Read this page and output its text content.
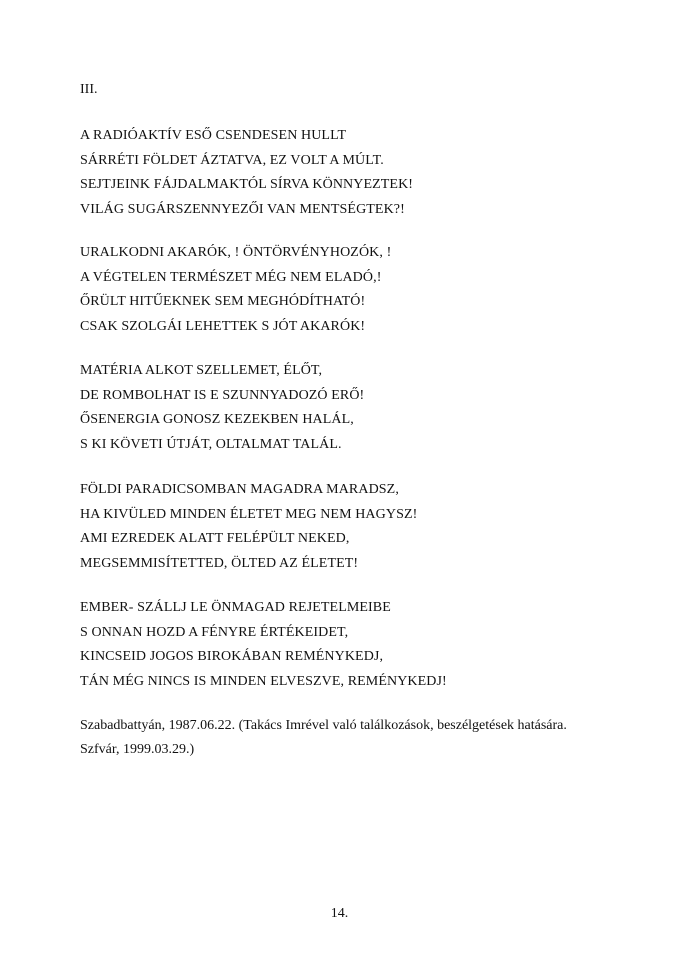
III.
A RADIÓAKTÍV ESŐ CSENDESEN HULLT
SÁRRÉTI FÖLDET ÁZTATVA, EZ VOLT A MÚLT.
SEJTJEINK FÁJDALMAKTÓL SÍRVA KÖNNYEZTEK!
VILÁG SUGÁRSZENNYEZŐI VAN MENTSÉGTEK?!
URALKODNI AKARÓK, ! ÖNTÖRVÉNYHOZÓK, !
A VÉGTELEN TERMÉSZET MÉG NEM ELADÓ,!
ŐRÜLT HITŰEKNEK SEM MEGHÓDÍTHATÓ!
CSAK SZOLGÁI LEHETTEK S JÓT AKARÓK!
MATÉRIA ALKOT SZELLEMET, ÉLŐT,
DE ROMBOLHAT IS E SZUNNYADOZÓ ERŐ!
ŐSENERGIA GONOSZ KEZEKBEN HALÁL,
S KI KÖVETI ÚTJÁT, OLTALMAT TALÁL.
FÖLDI PARADICSOMBAN MAGADRA MARADSZ,
HA KIVÜLED MINDEN ÉLETET MEG NEM HAGYSZ!
AMI EZREDEK ALATT FELÉPÜLT NEKED,
MEGSEMMISÍTETTED, ÖLTED AZ ÉLETET!
EMBER- SZÁLLJ LE ÖNMAGAD REJETELMEIBE
S ONNAN HOZD A FÉNYRE ÉRTÉKEIDET,
KINCSEID JOGOS BIROKÁBAN REMÉNYKEDJ,
TÁN MÉG NINCS IS MINDEN ELVESZVE, REMÉNYKEDJ!
Szabadbattyán, 1987.06.22. (Takács Imrével való találkozások, beszélgetések hatására.
Szfvár, 1999.03.29.)
14.
